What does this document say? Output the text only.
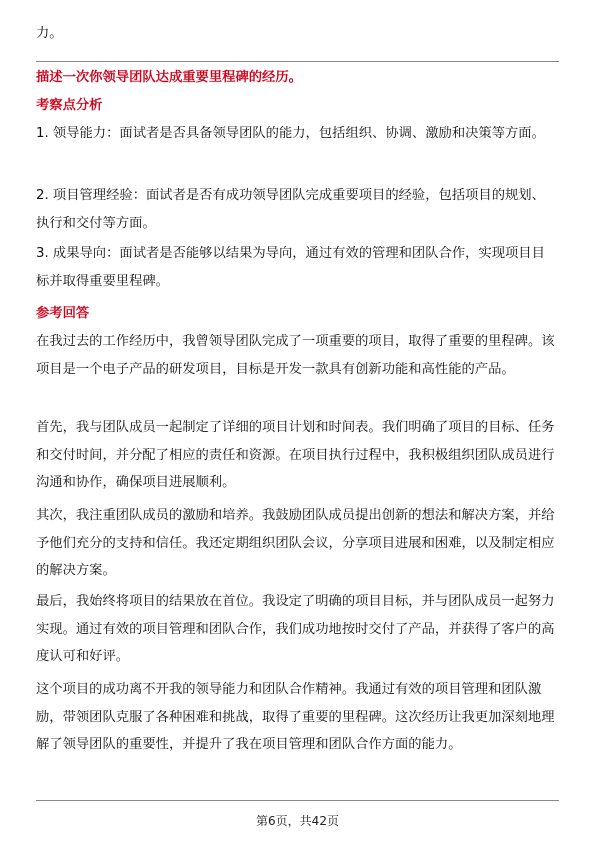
力。

描述一次你领导团队达成重要里程碑的经历。

考察点分析

1. 领导能力：面试者是否具备领导团队的能力，包括组织、协调、激励和决策等方面。

2. 项目管理经验：面试者是否有成功领导团队完成重要项目的经验，包括项目的规划、执行和交付等方面。

3. 成果导向：面试者是否能够以结果为导向，通过有效的管理和团队合作，实现项目目标并取得重要里程碑。

参考回答

在我过去的工作经历中，我曾领导团队完成了一项重要的项目，取得了重要的里程碑。该项目是一个电子产品的研发项目，目标是开发一款具有创新功能和高性能的产品。

首先，我与团队成员一起制定了详细的项目计划和时间表。我们明确了项目的目标、任务和交付时间，并分配了相应的责任和资源。在项目执行过程中，我积极组织团队成员进行沟通和协作，确保项目进展顺利。

其次，我注重团队成员的激励和培养。我鼓励团队成员提出创新的想法和解决方案，并给予他们充分的支持和信任。我还定期组织团队会议，分享项目进展和困难，以及制定相应的解决方案。

最后，我始终将项目的结果放在首位。我设定了明确的项目目标，并与团队成员一起努力实现。通过有效的项目管理和团队合作，我们成功地按时交付了产品，并获得了客户的高度认可和好评。

这个项目的成功离不开我的领导能力和团队合作精神。我通过有效的项目管理和团队激励，带领团队克服了各种困难和挑战，取得了重要的里程碑。这次经历让我更加深刻地理解了领导团队的重要性，并提升了我在项目管理和团队合作方面的能力。

第6页，共42页
